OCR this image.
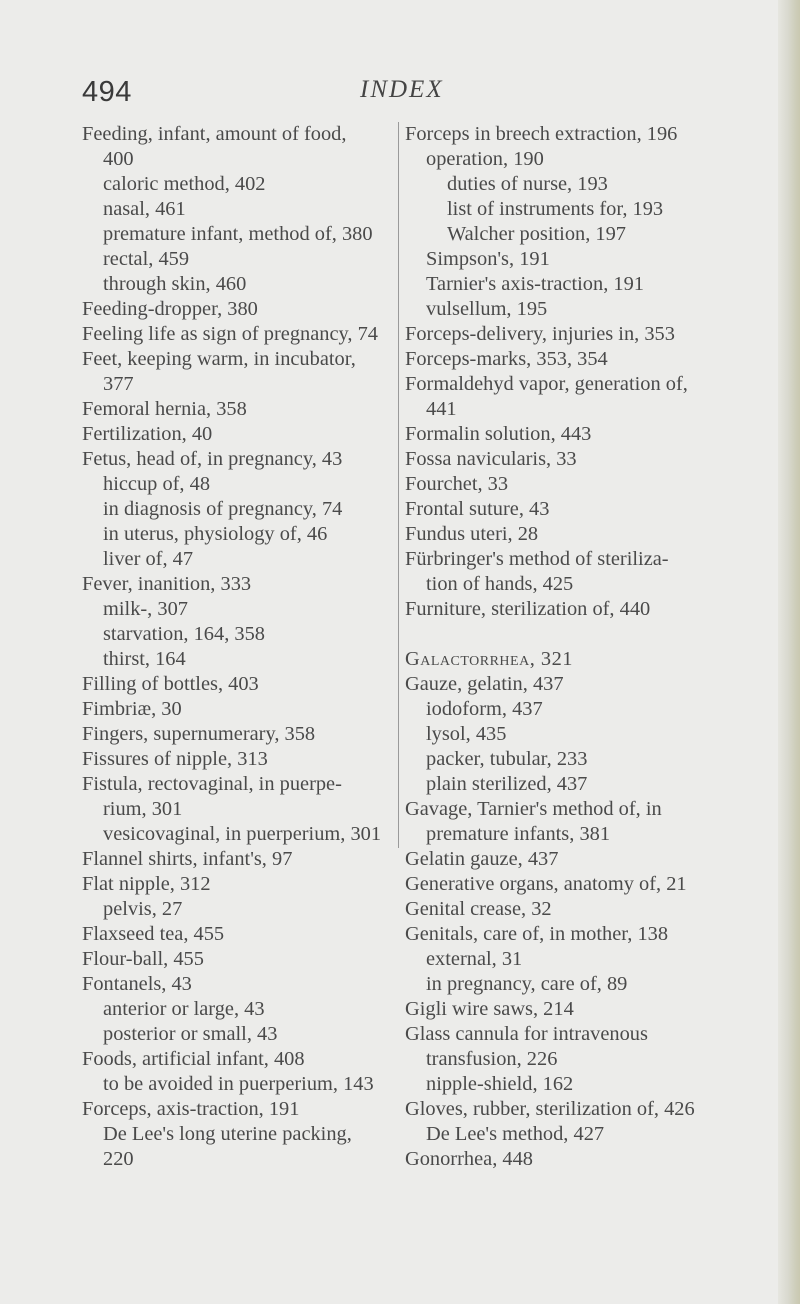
494	INDEX
Feeding, infant, amount of food,
400
caloric method, 402
nasal, 461
premature infant, method of, 380
rectal, 459
through skin, 460
Feeding-dropper, 380
Feeling life as sign of pregnancy, 74
Feet, keeping warm, in incubator,
377
Femoral hernia, 358
Fertilization, 40
Fetus, head of, in pregnancy, 43
hiccup of, 48
in diagnosis of pregnancy, 74
in uterus, physiology of, 46
liver of, 47
Fever, inanition, 333
milk-, 307
starvation, 164, 358
thirst, 164
Filling of bottles, 403
Fimbriæ, 30
Fingers, supernumerary, 358
Fissures of nipple, 313
Fistula, rectovaginal, in puerpe-
rium, 301
vesicovaginal, in puerperium, 301
Flannel shirts, infant's, 97
Flat nipple, 312
pelvis, 27
Flaxseed tea, 455
Flour-ball, 455
Fontanels, 43
anterior or large, 43
posterior or small, 43
Foods, artificial infant, 408
to be avoided in puerperium, 143
Forceps, axis-traction, 191
De Lee's long uterine packing,
220
Forceps in breech extraction, 196
operation, 190
duties of nurse, 193
list of instruments for, 193
Walcher position, 197
Simpson's, 191
Tarnier's axis-traction, 191
vulsellum, 195
Forceps-delivery, injuries in, 353
Forceps-marks, 353, 354
Formaldehyd vapor, generation of,
441
Formalin solution, 443
Fossa navicularis, 33
Fourchet, 33
Frontal suture, 43
Fundus uteri, 28
Fürbringer's method of steriliza-
tion of hands, 425
Furniture, sterilization of, 440
Galactorrhea, 321
Gauze, gelatin, 437
iodoform, 437
lysol, 435
packer, tubular, 233
plain sterilized, 437
Gavage, Tarnier's method of, in
premature infants, 381
Gelatin gauze, 437
Generative organs, anatomy of, 21
Genital crease, 32
Genitals, care of, in mother, 138
external, 31
in pregnancy, care of, 89
Gigli wire saws, 214
Glass cannula for intravenous
transfusion, 226
nipple-shield, 162
Gloves, rubber, sterilization of, 426
De Lee's method, 427
Gonorrhea, 448
